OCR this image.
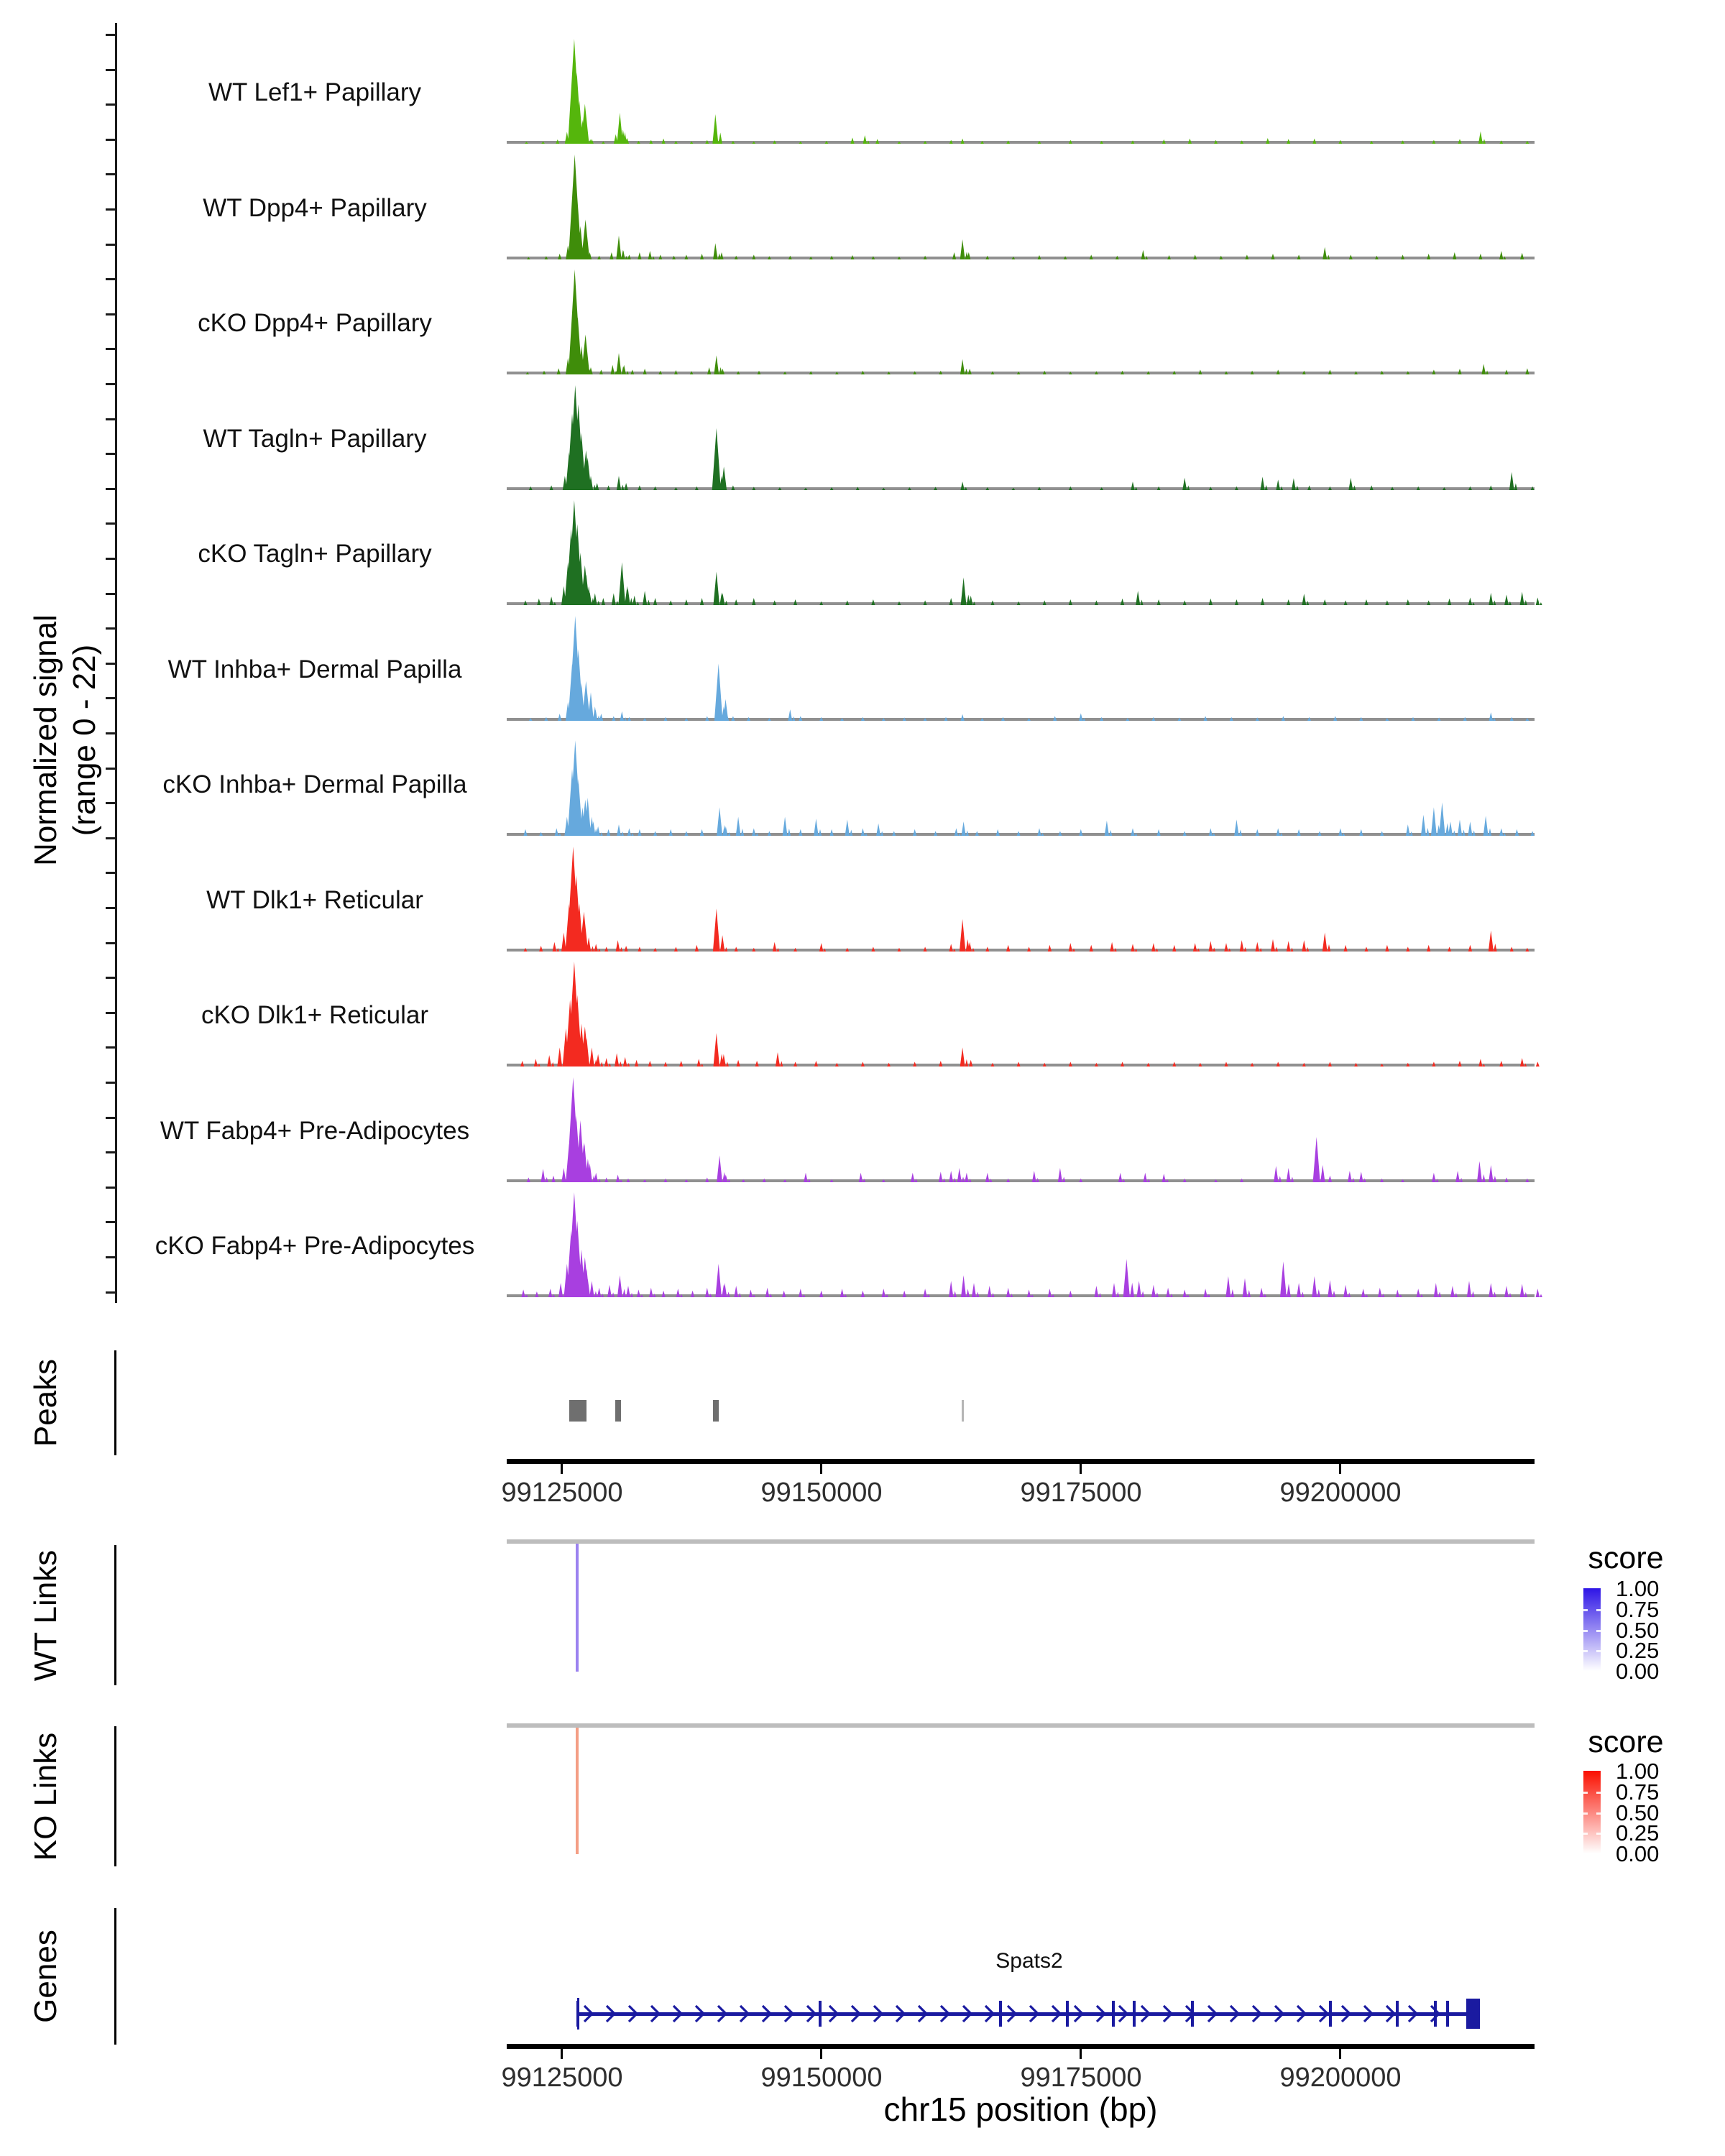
Normalized signal (range 0 - 22)
WT Lef1+ Papillary
WT Dpp4+ Papillary
cKO Dpp4+ Papillary
WT Tagln+ Papillary
cKO Tagln+ Papillary
WT Inhba+ Dermal Papilla
cKO Inhba+ Dermal Papilla
WT Dlk1+ Reticular
cKO Dlk1+ Reticular
WT Fabp4+ Pre-Adipocytes
cKO Fabp4+ Pre-Adipocytes
Peaks
99125000	99150000	99175000	99200000
WT Links	score
1.00
0.75
0.50
0.25
0.00
KO Links	score
1.00
0.75
0.50
0.25
0.00
Genes	Spats2
99125000	99150000	99175000	99200000
chr15 position (bp)
